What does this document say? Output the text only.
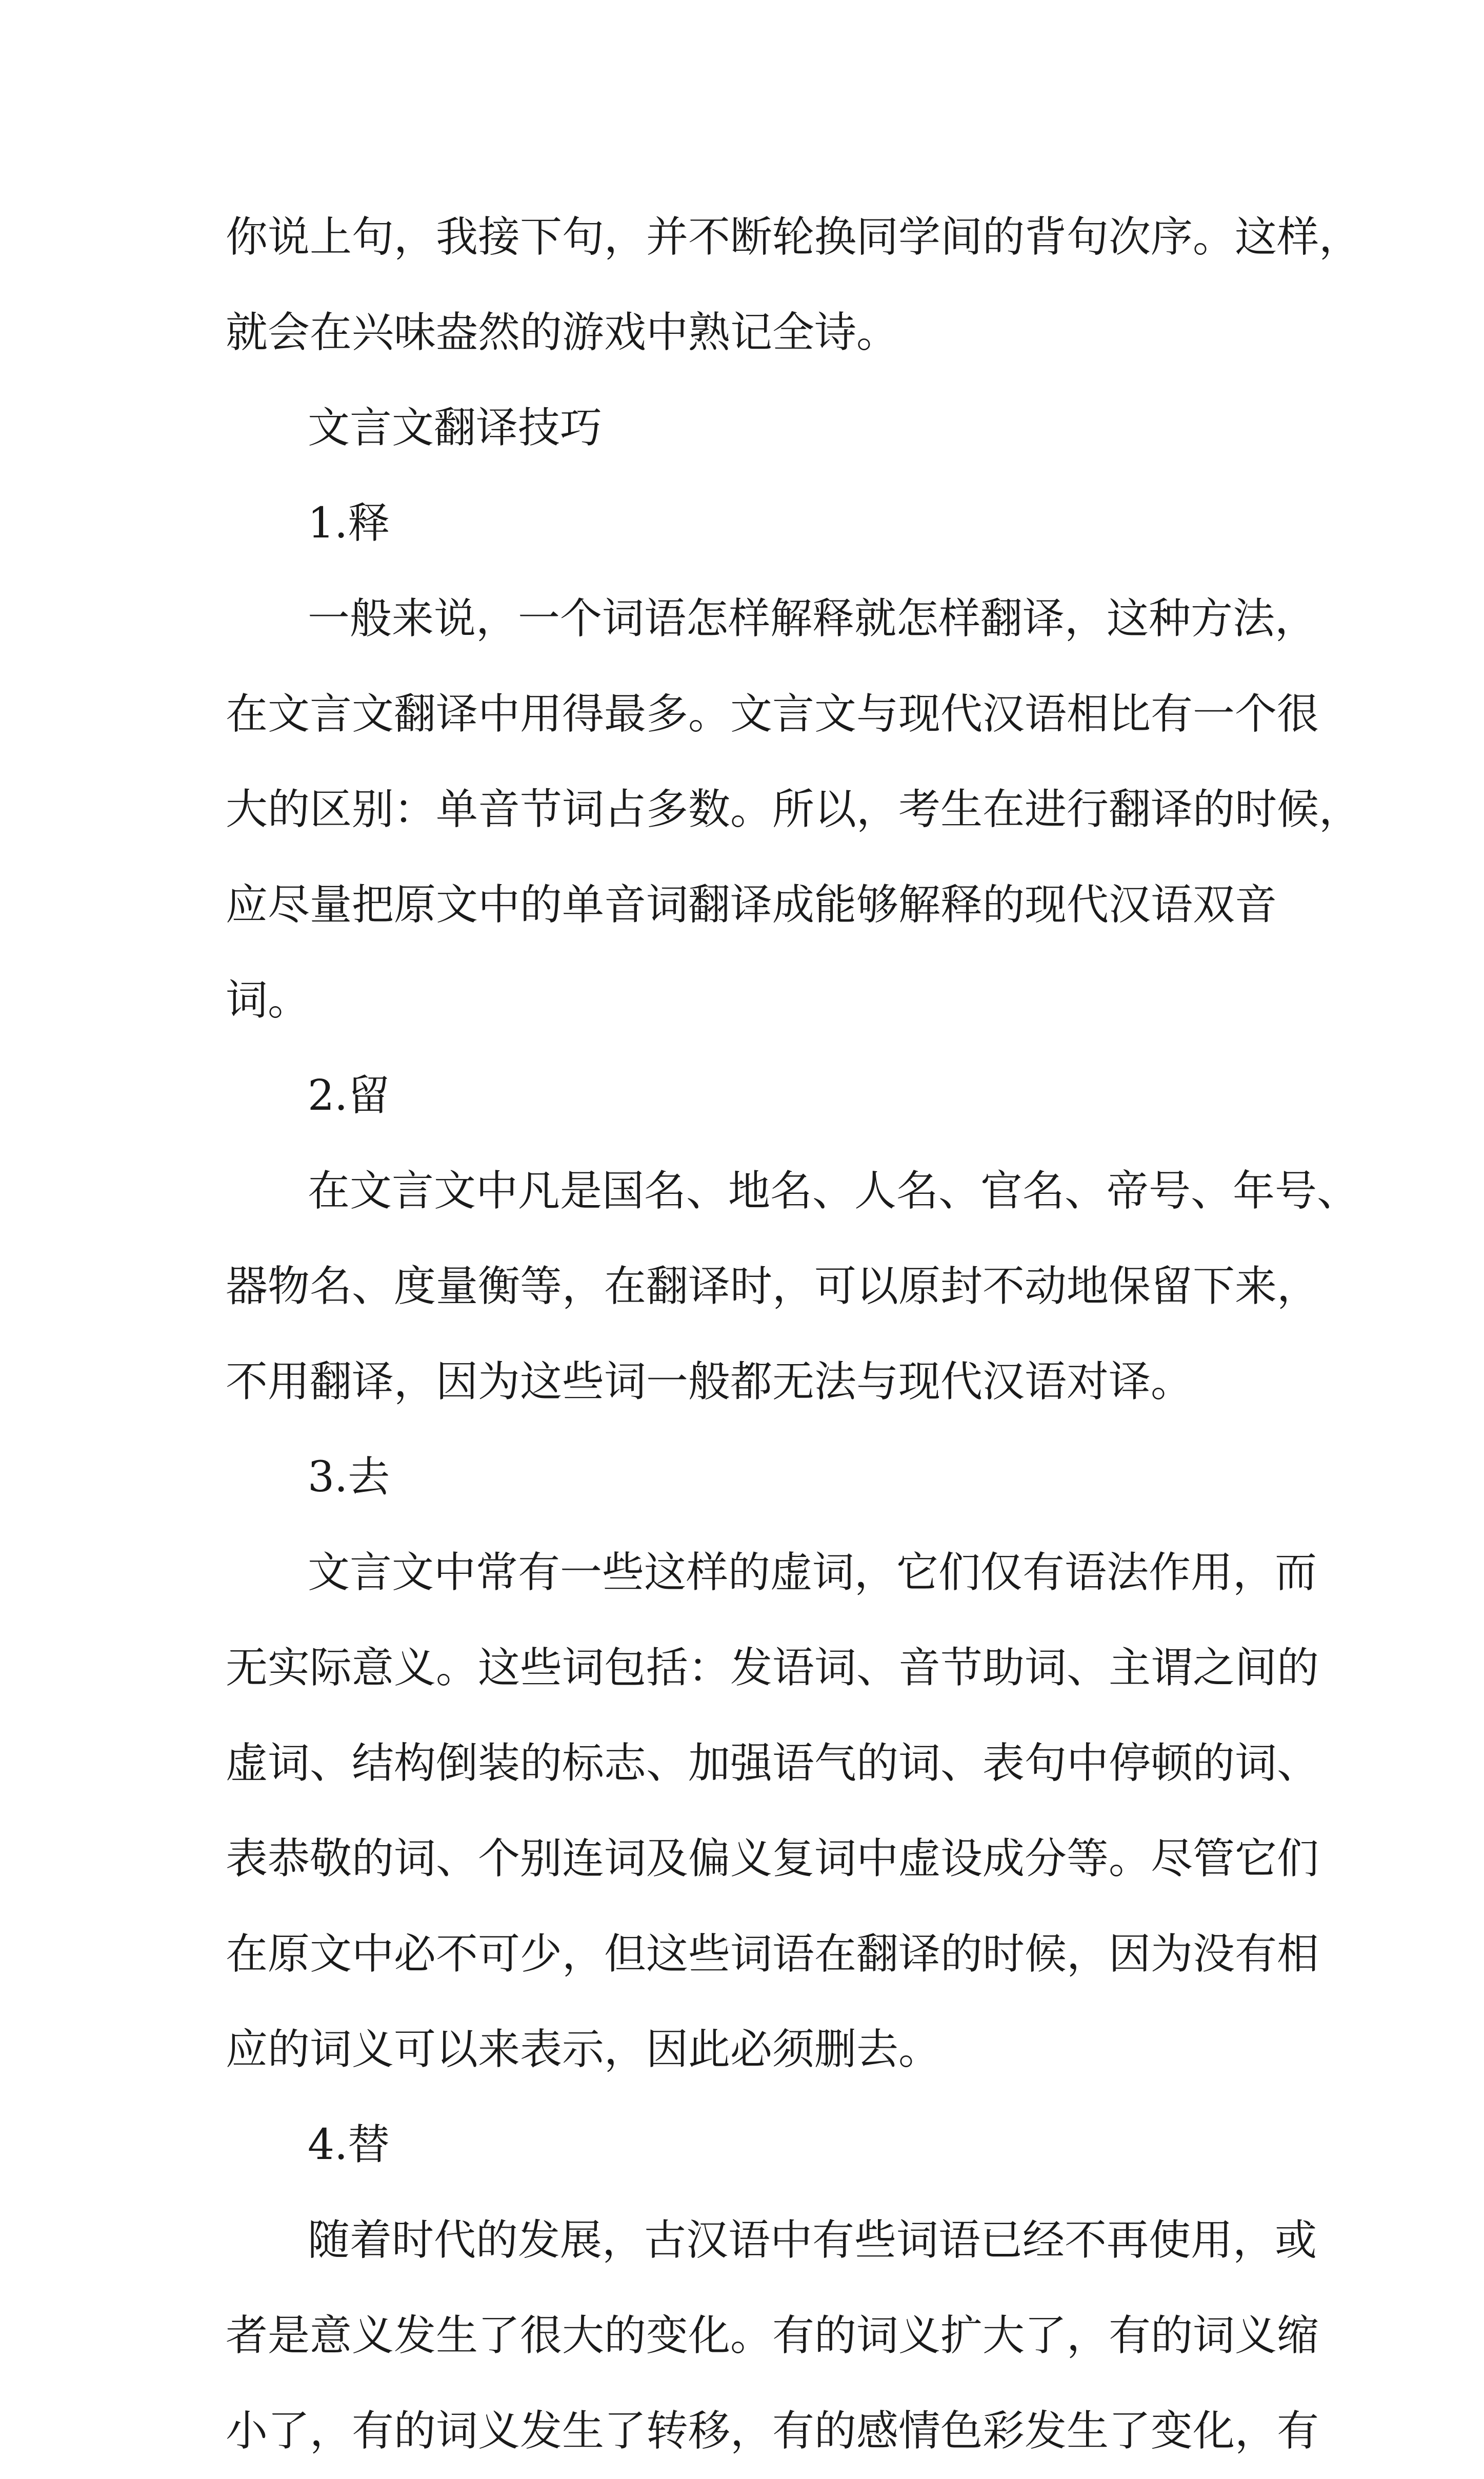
你说上句，我接下句，并不断轮换同学间的背句次序。这样，
就会在兴味盎然的游戏中熟记全诗。
文言文翻译技巧
1.释
一般来说，一个词语怎样解释就怎样翻译，这种方法，
在文言文翻译中用得最多。文言文与现代汉语相比有一个很
大的区别：单音节词占多数。所以，考生在进行翻译的时候，
应尽量把原文中的单音词翻译成能够解释的现代汉语双音
词。
2.留
在文言文中凡是国名、地名、人名、官名、帝号、年号、
器物名、度量衡等，在翻译时，可以原封不动地保留下来，
不用翻译，因为这些词一般都无法与现代汉语对译。
3.去
文言文中常有一些这样的虚词，它们仅有语法作用，而
无实际意义。这些词包括：发语词、音节助词、主谓之间的
虚词、结构倒装的标志、加强语气的词、表句中停顿的词、
表恭敬的词、个别连词及偏义复词中虚设成分等。尽管它们
在原文中必不可少，但这些词语在翻译的时候，因为没有相
应的词义可以来表示，因此必须删去。
4.替
随着时代的发展，古汉语中有些词语已经不再使用，或
者是意义发生了很大的变化。有的词义扩大了，有的词义缩
小了，有的词义发生了转移，有的感情色彩发生了变化，有
